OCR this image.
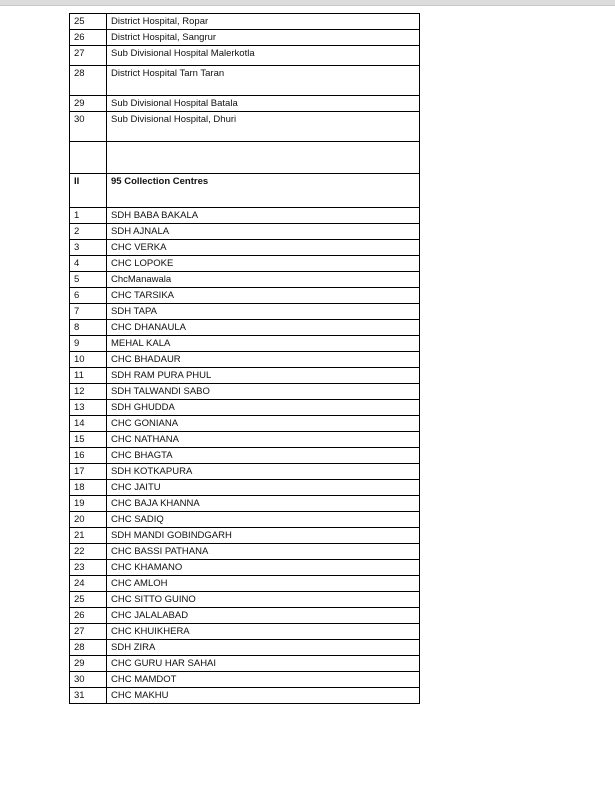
25	District Hospital, Ropar
26	District Hospital, Sangrur
27	Sub Divisional Hospital Malerkotla
28	District Hospital Tarn Taran
29	Sub Divisional Hospital Batala
30	Sub Divisional Hospital, Dhuri

II	95 Collection Centres
1	SDH BABA BAKALA
2	SDH AJNALA
3	CHC VERKA
4	CHC LOPOKE
5	ChcManawala
6	CHC TARSIKA
7	SDH TAPA
8	CHC DHANAULA
9	MEHAL KALA
10	CHC BHADAUR
11	SDH RAM PURA PHUL
12	SDH TALWANDI SABO
13	SDH GHUDDA
14	CHC GONIANA
15	CHC NATHANA
16	CHC BHAGTA
17	SDH KOTKAPURA
18	CHC JAITU
19	CHC BAJA KHANNA
20	CHC SADIQ
21	SDH MANDI GOBINDGARH
22	CHC BASSI PATHANA
23	CHC KHAMANO
24	CHC AMLOH
25	CHC SITTO GUINO
26	CHC JALALABAD
27	CHC KHUIKHERA
28	SDH ZIRA
29	CHC GURU HAR SAHAI
30	CHC MAMDOT
31	CHC MAKHU
